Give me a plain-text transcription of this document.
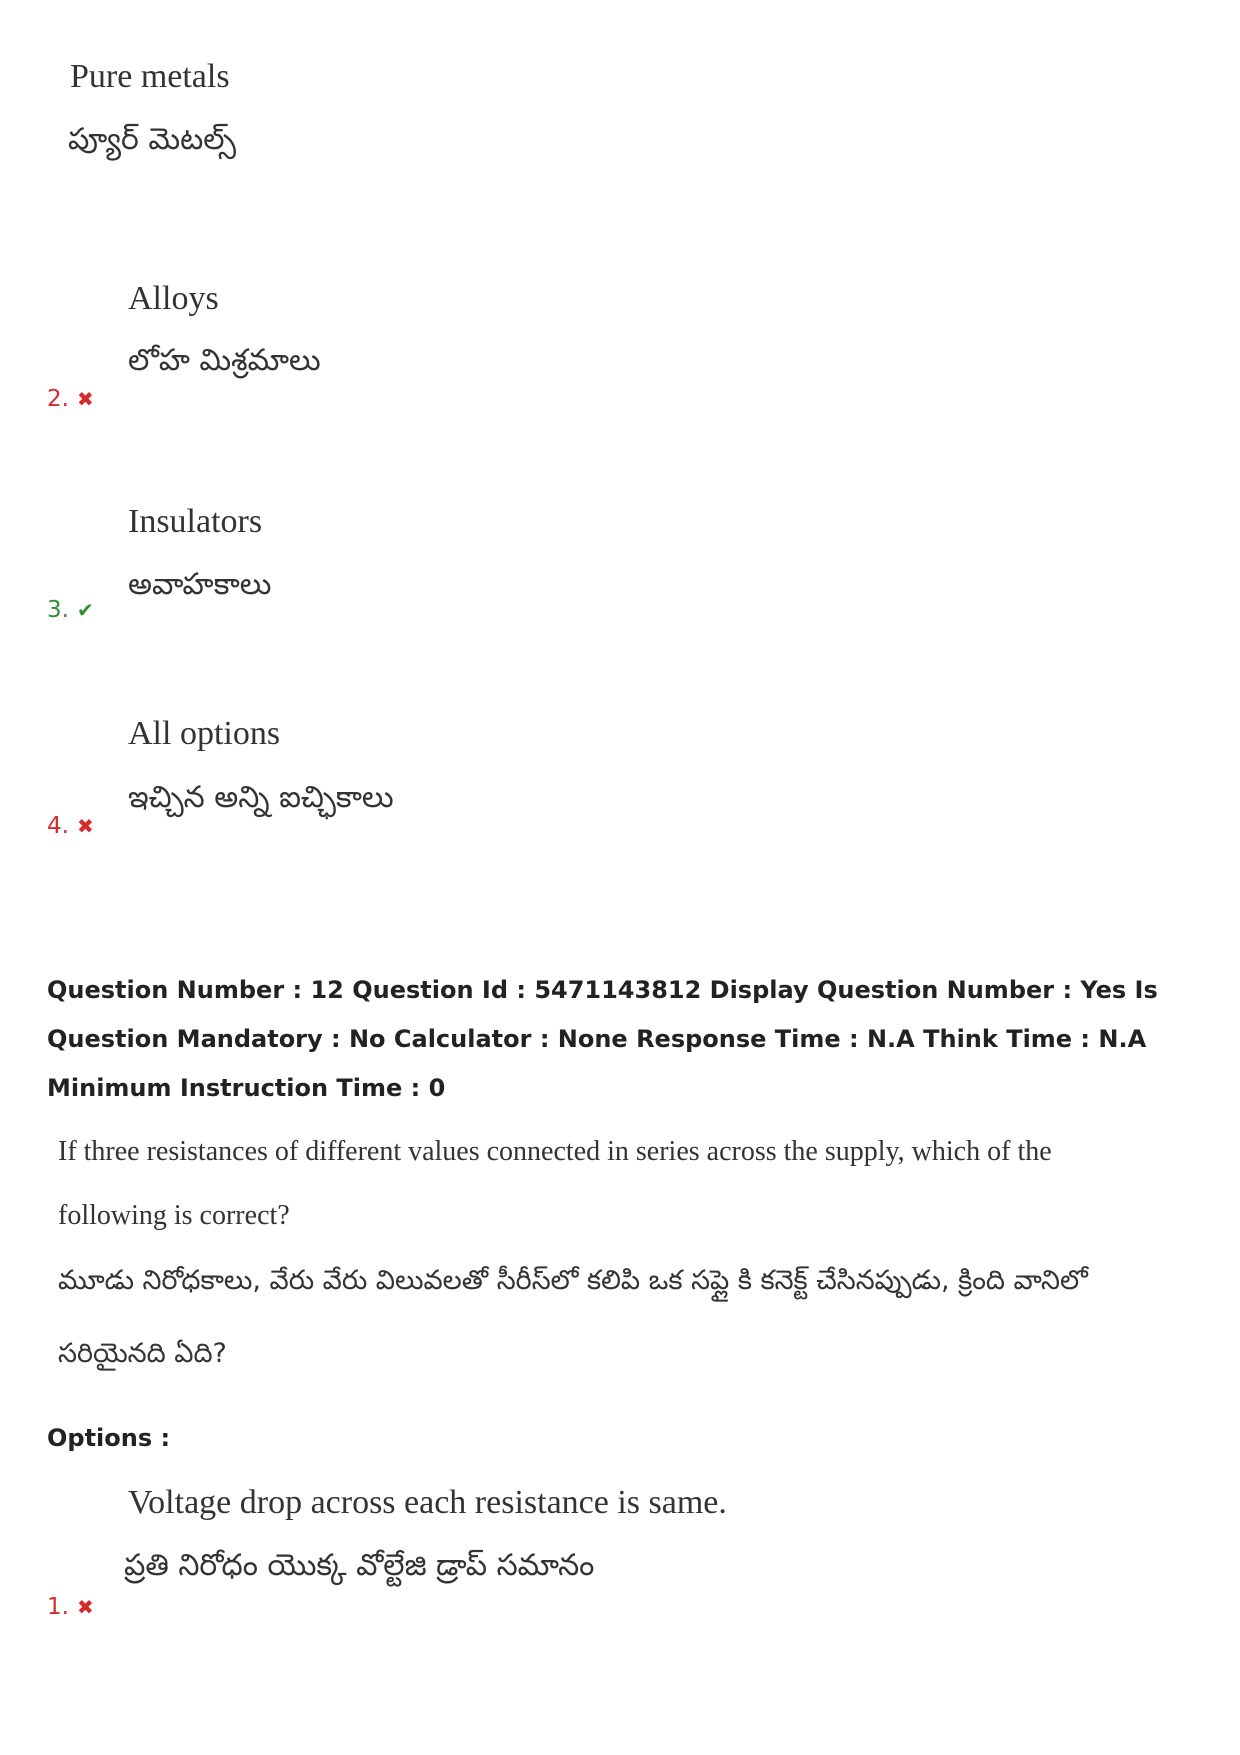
Pure metals
ప్యూర్ మెటల్స్
Alloys
లోహ మిశ్రమాలు
2. ✖
Insulators
అవాహకాలు
3. ✔
All options
ఇచ్చిన అన్ని ఐచ్ఛికాలు
4. ✖
Question Number : 12 Question Id : 5471143812 Display Question Number : Yes Is Question Mandatory : No Calculator : None Response Time : N.A Think Time : N.A Minimum Instruction Time : 0
If three resistances of different values connected in series across the supply, which of the
following is correct?
మూడు నిరోధకాలు, వేరు వేరు విలువలతో సీరీస్‌లో కలిపి ఒక సప్లై కి కనెక్ట్ చేసినప్పుడు, క్రింది వానిలో
సరియైనది ఏది?
Options :
Voltage drop across each resistance is same.
ప్రతి నిరోధం యొక్క వోల్టేజి డ్రాప్ సమానం
1. ✖
